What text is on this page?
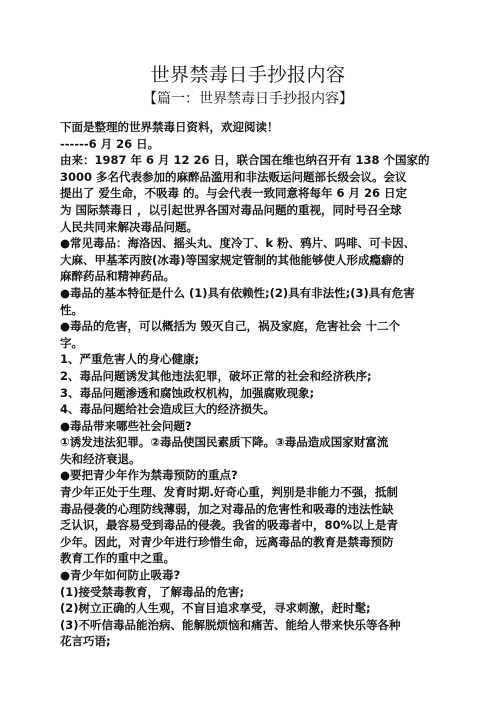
世界禁毒日手抄报内容
【篇一：世界禁毒日手抄报内容】
下面是整理的世界禁毒日资料，欢迎阅读！
------6 月 26 日。
由来：1987 年 6 月 12 26 日，联合国在维也纳召开有 138 个国家的
3000 多名代表参加的麻醉品滥用和非法贩运问题部长级会议。会议
提出了 爱生命，不吸毒 的。与会代表一致同意将每年 6 月 26 日定
为 国际禁毒日 ，以引起世界各国对毒品问题的重视，同时号召全球
人民共同来解决毒品问题。
●常见毒品：海洛因、摇头丸、度冷丁、k 粉、鸦片、吗啡、可卡因、
大麻、甲基苯丙胺(冰毒)等国家规定管制的其他能够使人形成瘾癖的
麻醉药品和精神药品。
●毒品的基本特征是什么 (1)具有依赖性;(2)具有非法性;(3)具有危害
性。
●毒品的危害，可以概括为 毁灭自己，祸及家庭，危害社会 十二个
字。
1、严重危害人的身心健康;
2、毒品问题诱发其他违法犯罪，破坏正常的社会和经济秩序;
3、毒品问题渗透和腐蚀政权机构，加强腐败现象;
4、毒品问题给社会造成巨大的经济损失。
●毒品带来哪些社会问题?
①诱发违法犯罪。②毒品使国民素质下降。③毒品造成国家财富流
失和经济衰退。
●要把青少年作为禁毒预防的重点?
青少年正处于生理、发育时期.好奇心重，判别是非能力不强，抵制
毒品侵袭的心理防线薄弱，加之对毒品的危害性和吸毒的违法性缺
乏认识，最容易受到毒品的侵袭。我省的吸毒者中，80%以上是青
少年。因此，对青少年进行珍惜生命，远离毒品的教育是禁毒预防
教育工作的重中之重。
●青少年如何防止吸毒?
(1)接受禁毒教育，了解毒品的危害;
(2)树立正确的人生观，不盲目追求享受，寻求刺激，赶时髦;
(3)不听信毒品能治病、能解脱烦恼和痛苦、能给人带来快乐等各种
花言巧语;
